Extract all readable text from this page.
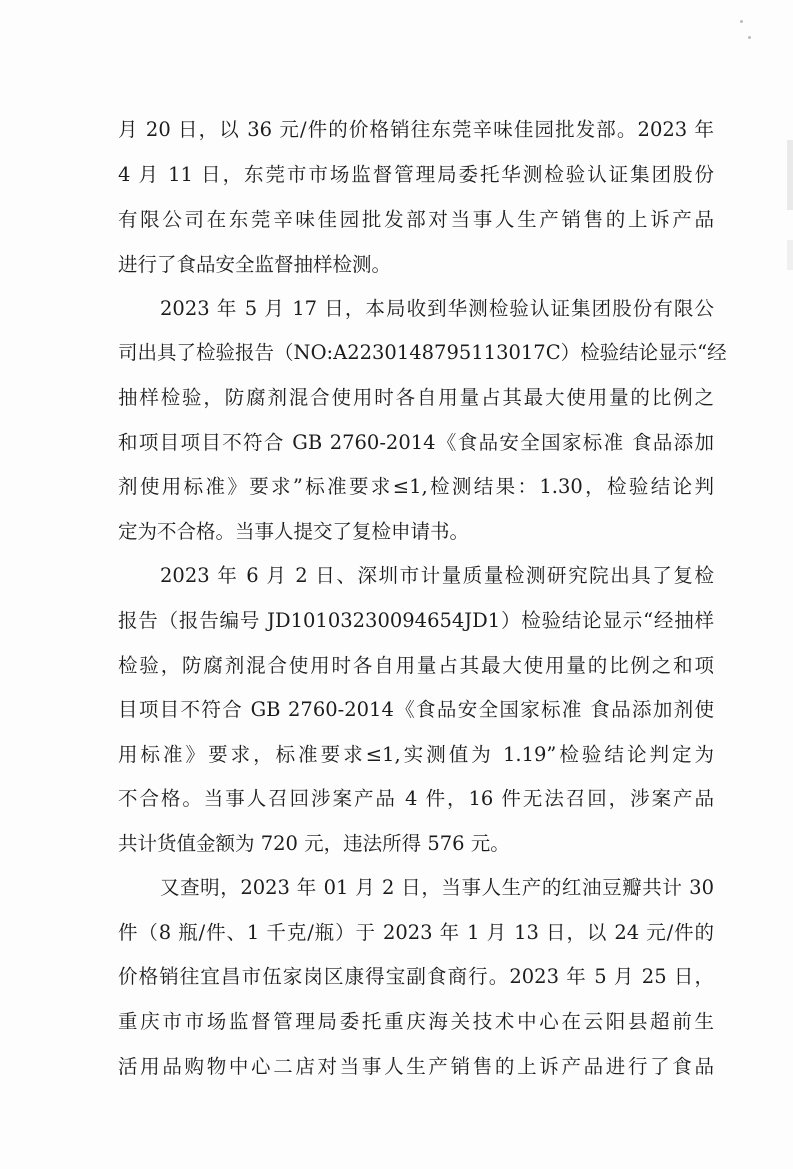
月 20 日，以 36 元/件的价格销往东莞辛味佳园批发部。2023 年
4 月 11 日，东莞市市场监督管理局委托华测检验认证集团股份
有限公司在东莞辛味佳园批发部对当事人生产销售的上诉产品
进行了食品安全监督抽样检测。
2023 年 5 月 17 日，本局收到华测检验认证集团股份有限公
司出具了检验报告（NO:A2230148795113017C）检验结论显示“经
抽样检验，防腐剂混合使用时各自用量占其最大使用量的比例之
和项目项目不符合 GB 2760-2014《食品安全国家标准 食品添加
剂使用标准》要求”标准要求≤1,检测结果：1.30，检验结论判
定为不合格。当事人提交了复检申请书。
2023 年 6 月 2 日、深圳市计量质量检测研究院出具了复检
报告（报告编号 JD10103230094654JD1）检验结论显示“经抽样
检验，防腐剂混合使用时各自用量占其最大使用量的比例之和项
目项目不符合 GB 2760-2014《食品安全国家标准 食品添加剂使
用标准》要求，标准要求≤1,实测值为 1.19”检验结论判定为
不合格。当事人召回涉案产品 4 件，16 件无法召回，涉案产品
共计货值金额为 720 元，违法所得 576 元。
又查明，2023 年 01 月 2 日，当事人生产的红油豆瓣共计 30
件（8 瓶/件、1 千克/瓶）于 2023 年 1 月 13 日，以 24 元/件的
价格销往宜昌市伍家岗区康得宝副食商行。2023 年 5 月 25 日，
重庆市市场监督管理局委托重庆海关技术中心在云阳县超前生
活用品购物中心二店对当事人生产销售的上诉产品进行了食品
